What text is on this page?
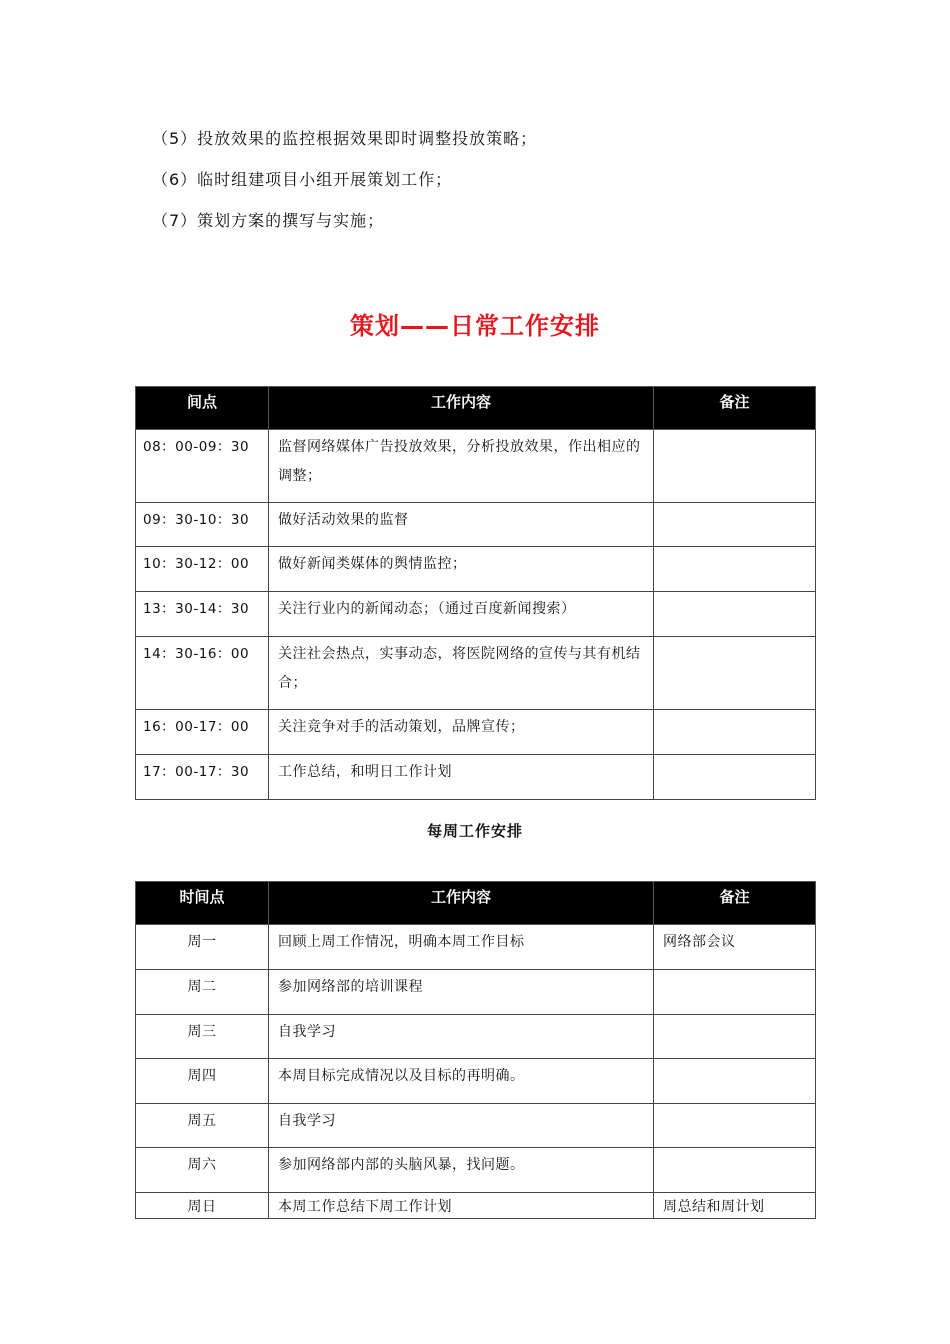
（5）投放效果的监控根据效果即时调整投放策略；
（6）临时组建项目小组开展策划工作；
（7）策划方案的撰写与实施；
策划——日常工作安排
间点	工作内容	备注
08：00-09：30	监督网络媒体广告投放效果，分析投放效果，作出相应的调整；	
09：30-10：30	做好活动效果的监督	
10：30-12：00	做好新闻类媒体的舆情监控；	
13：30-14：30	关注行业内的新闻动态；（通过百度新闻搜索）	
14：30-16：00	关注社会热点，实事动态，将医院网络的宣传与其有机结合；	
16：00-17：00	关注竞争对手的活动策划，品牌宣传；	
17：00-17：30	工作总结，和明日工作计划	
每周工作安排
时间点	工作内容	备注
周一	回顾上周工作情况，明确本周工作目标	网络部会议
周二	参加网络部的培训课程	
周三	自我学习	
周四	本周目标完成情况以及目标的再明确。	
周五	自我学习	
周六	参加网络部内部的头脑风暴，找问题。	
周日	本周工作总结下周工作计划	周总结和周计划
